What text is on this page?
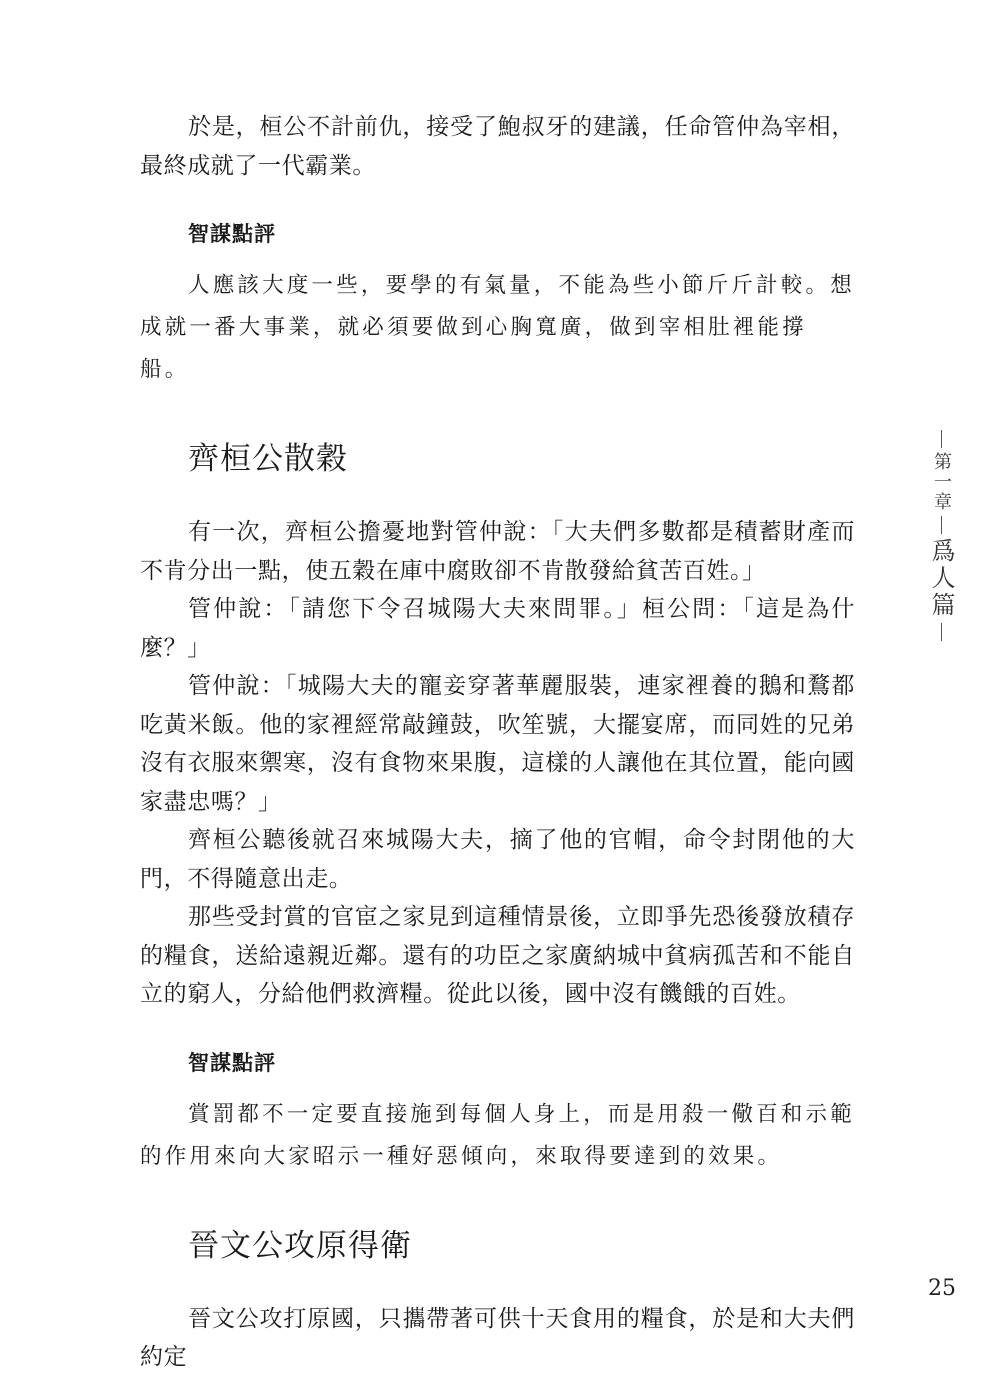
於是，桓公不計前仇，接受了鮑叔牙的建議，任命管仲為宰相，最終成就了一代霸業。

智謀點評

人應該大度一些，要學的有氣量，不能為些小節斤斤計較。想成就一番大事業，就必須要做到心胸寬廣，做到宰相肚裡能撐船。

齊桓公散穀

有一次，齊桓公擔憂地對管仲說：「大夫們多數都是積蓄財產而不肯分出一點，使五穀在庫中腐敗卻不肯散發給貧苦百姓。」

管仲說：「請您下令召城陽大夫來問罪。」桓公問：「這是為什麼？」

管仲說：「城陽大夫的寵妾穿著華麗服裝，連家裡養的鵝和鶩都吃黃米飯。他的家裡經常敲鐘鼓，吹笙號，大擺宴席，而同姓的兄弟沒有衣服來禦寒，沒有食物來果腹，這樣的人讓他在其位置，能向國家盡忠嗎？」

齊桓公聽後就召來城陽大夫，摘了他的官帽，命令封閉他的大門，不得隨意出走。

那些受封賞的官宦之家見到這種情景後，立即爭先恐後發放積存的糧食，送給遠親近鄰。還有的功臣之家廣納城中貧病孤苦和不能自立的窮人，分給他們救濟糧。從此以後，國中沒有饑餓的百姓。

智謀點評

賞罰都不一定要直接施到每個人身上，而是用殺一儆百和示範的作用來向大家昭示一種好惡傾向，來取得要達到的效果。

晉文公攻原得衛

晉文公攻打原國，只攜帶著可供十天食用的糧食，於是和大夫們約定

第一章
爲人篇
25
